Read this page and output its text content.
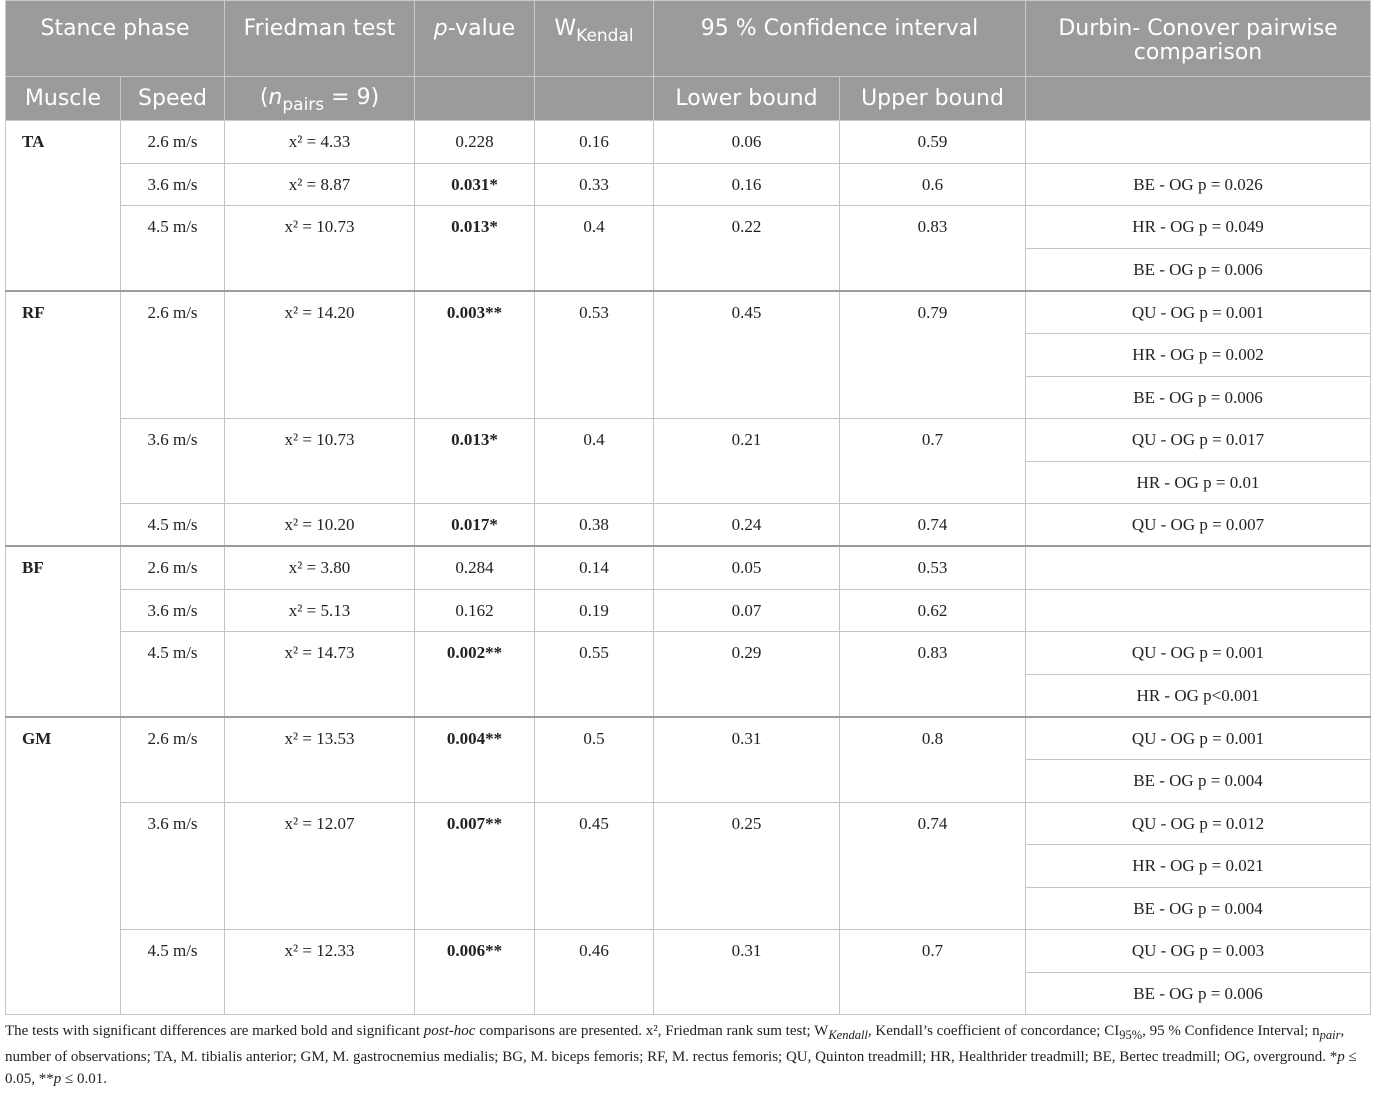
Stance phase		Friedman test	p-value	$W_{Kendal}$	95 % Confidence interval		Durbin- Conover pairwise comparison
Muscle	Speed	$(n_{pairs} = 9)$			Lower bound	Upper bound	
TA	2.6 m/s	x² = 4.33	0.228	0.16	0.06	0.59	
	3.6 m/s	x² = 8.87	0.031*	0.33	0.16	0.6	BE - OG p = 0.026
	4.5 m/s	x² = 10.73	0.013*	0.4	0.22	0.83	HR - OG p = 0.049
							BE - OG p = 0.006
RF	2.6 m/s	x² = 14.20	0.003**	0.53	0.45	0.79	QU - OG p = 0.001
							HR - OG p = 0.002
							BE - OG p = 0.006
	3.6 m/s	x² = 10.73	0.013*	0.4	0.21	0.7	QU - OG p = 0.017
							HR - OG p = 0.01
	4.5 m/s	x² = 10.20	0.017*	0.38	0.24	0.74	QU - OG p = 0.007
BF	2.6 m/s	x² = 3.80	0.284	0.14	0.05	0.53	
	3.6 m/s	x² = 5.13	0.162	0.19	0.07	0.62	
	4.5 m/s	x² = 14.73	0.002**	0.55	0.29	0.83	QU - OG p = 0.001
							HR - OG p<0.001
GM	2.6 m/s	x² = 13.53	0.004**	0.5	0.31	0.8	QU - OG p = 0.001
							BE - OG p = 0.004
	3.6 m/s	x² = 12.07	0.007**	0.45	0.25	0.74	QU - OG p = 0.012
							HR - OG p = 0.021
							BE - OG p = 0.004
	4.5 m/s	x² = 12.33	0.006**	0.46	0.31	0.7	QU - OG p = 0.003
							BE - OG p = 0.006
The tests with significant differences are marked bold and significant post-hoc comparisons are presented. x², Friedman rank sum test; $W_{Kendall}$, Kendall’s coefficient of concordance; $CI_{95\%}$, 95 % Confidence Interval; $n_{pair}$, number of observations; TA, M. tibialis anterior; GM, M. gastrocnemius medialis; BG, M. biceps femoris; RF, M. rectus femoris; QU, Quinton treadmill; HR, Healthrider treadmill; BE, Bertec treadmill; OG, overground. *p ≤ 0.05, **p ≤ 0.01.
